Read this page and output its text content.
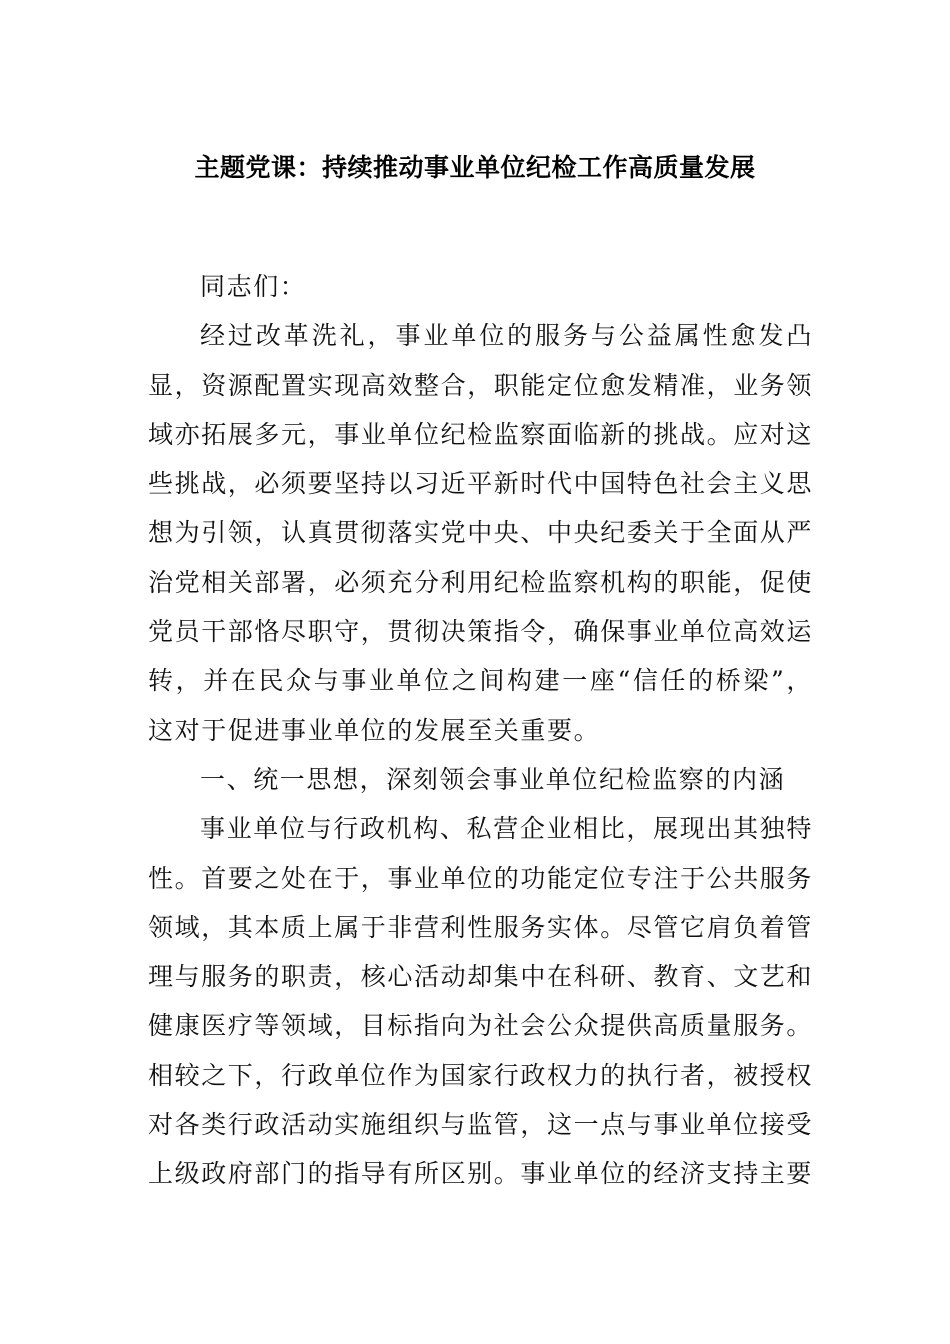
主题党课：持续推动事业单位纪检工作高质量发展

同志们：

经过改革洗礼，事业单位的服务与公益属性愈发凸显，资源配置实现高效整合，职能定位愈发精准，业务领域亦拓展多元，事业单位纪检监察面临新的挑战。应对这些挑战，必须要坚持以习近平新时代中国特色社会主义思想为引领，认真贯彻落实党中央、中央纪委关于全面从严治党相关部署，必须充分利用纪检监察机构的职能，促使党员干部恪尽职守，贯彻决策指令，确保事业单位高效运转，并在民众与事业单位之间构建一座“信任的桥梁”，这对于促进事业单位的发展至关重要。

一、统一思想，深刻领会事业单位纪检监察的内涵

事业单位与行政机构、私营企业相比，展现出其独特性。首要之处在于，事业单位的功能定位专注于公共服务领域，其本质上属于非营利性服务实体。尽管它肩负着管理与服务的职责，核心活动却集中在科研、教育、文艺和健康医疗等领域，目标指向为社会公众提供高质量服务。相较之下，行政单位作为国家行政权力的执行者，被授权对各类行政活动实施组织与监管，这一点与事业单位接受上级政府部门的指导有所区别。事业单位的经济支持主要
